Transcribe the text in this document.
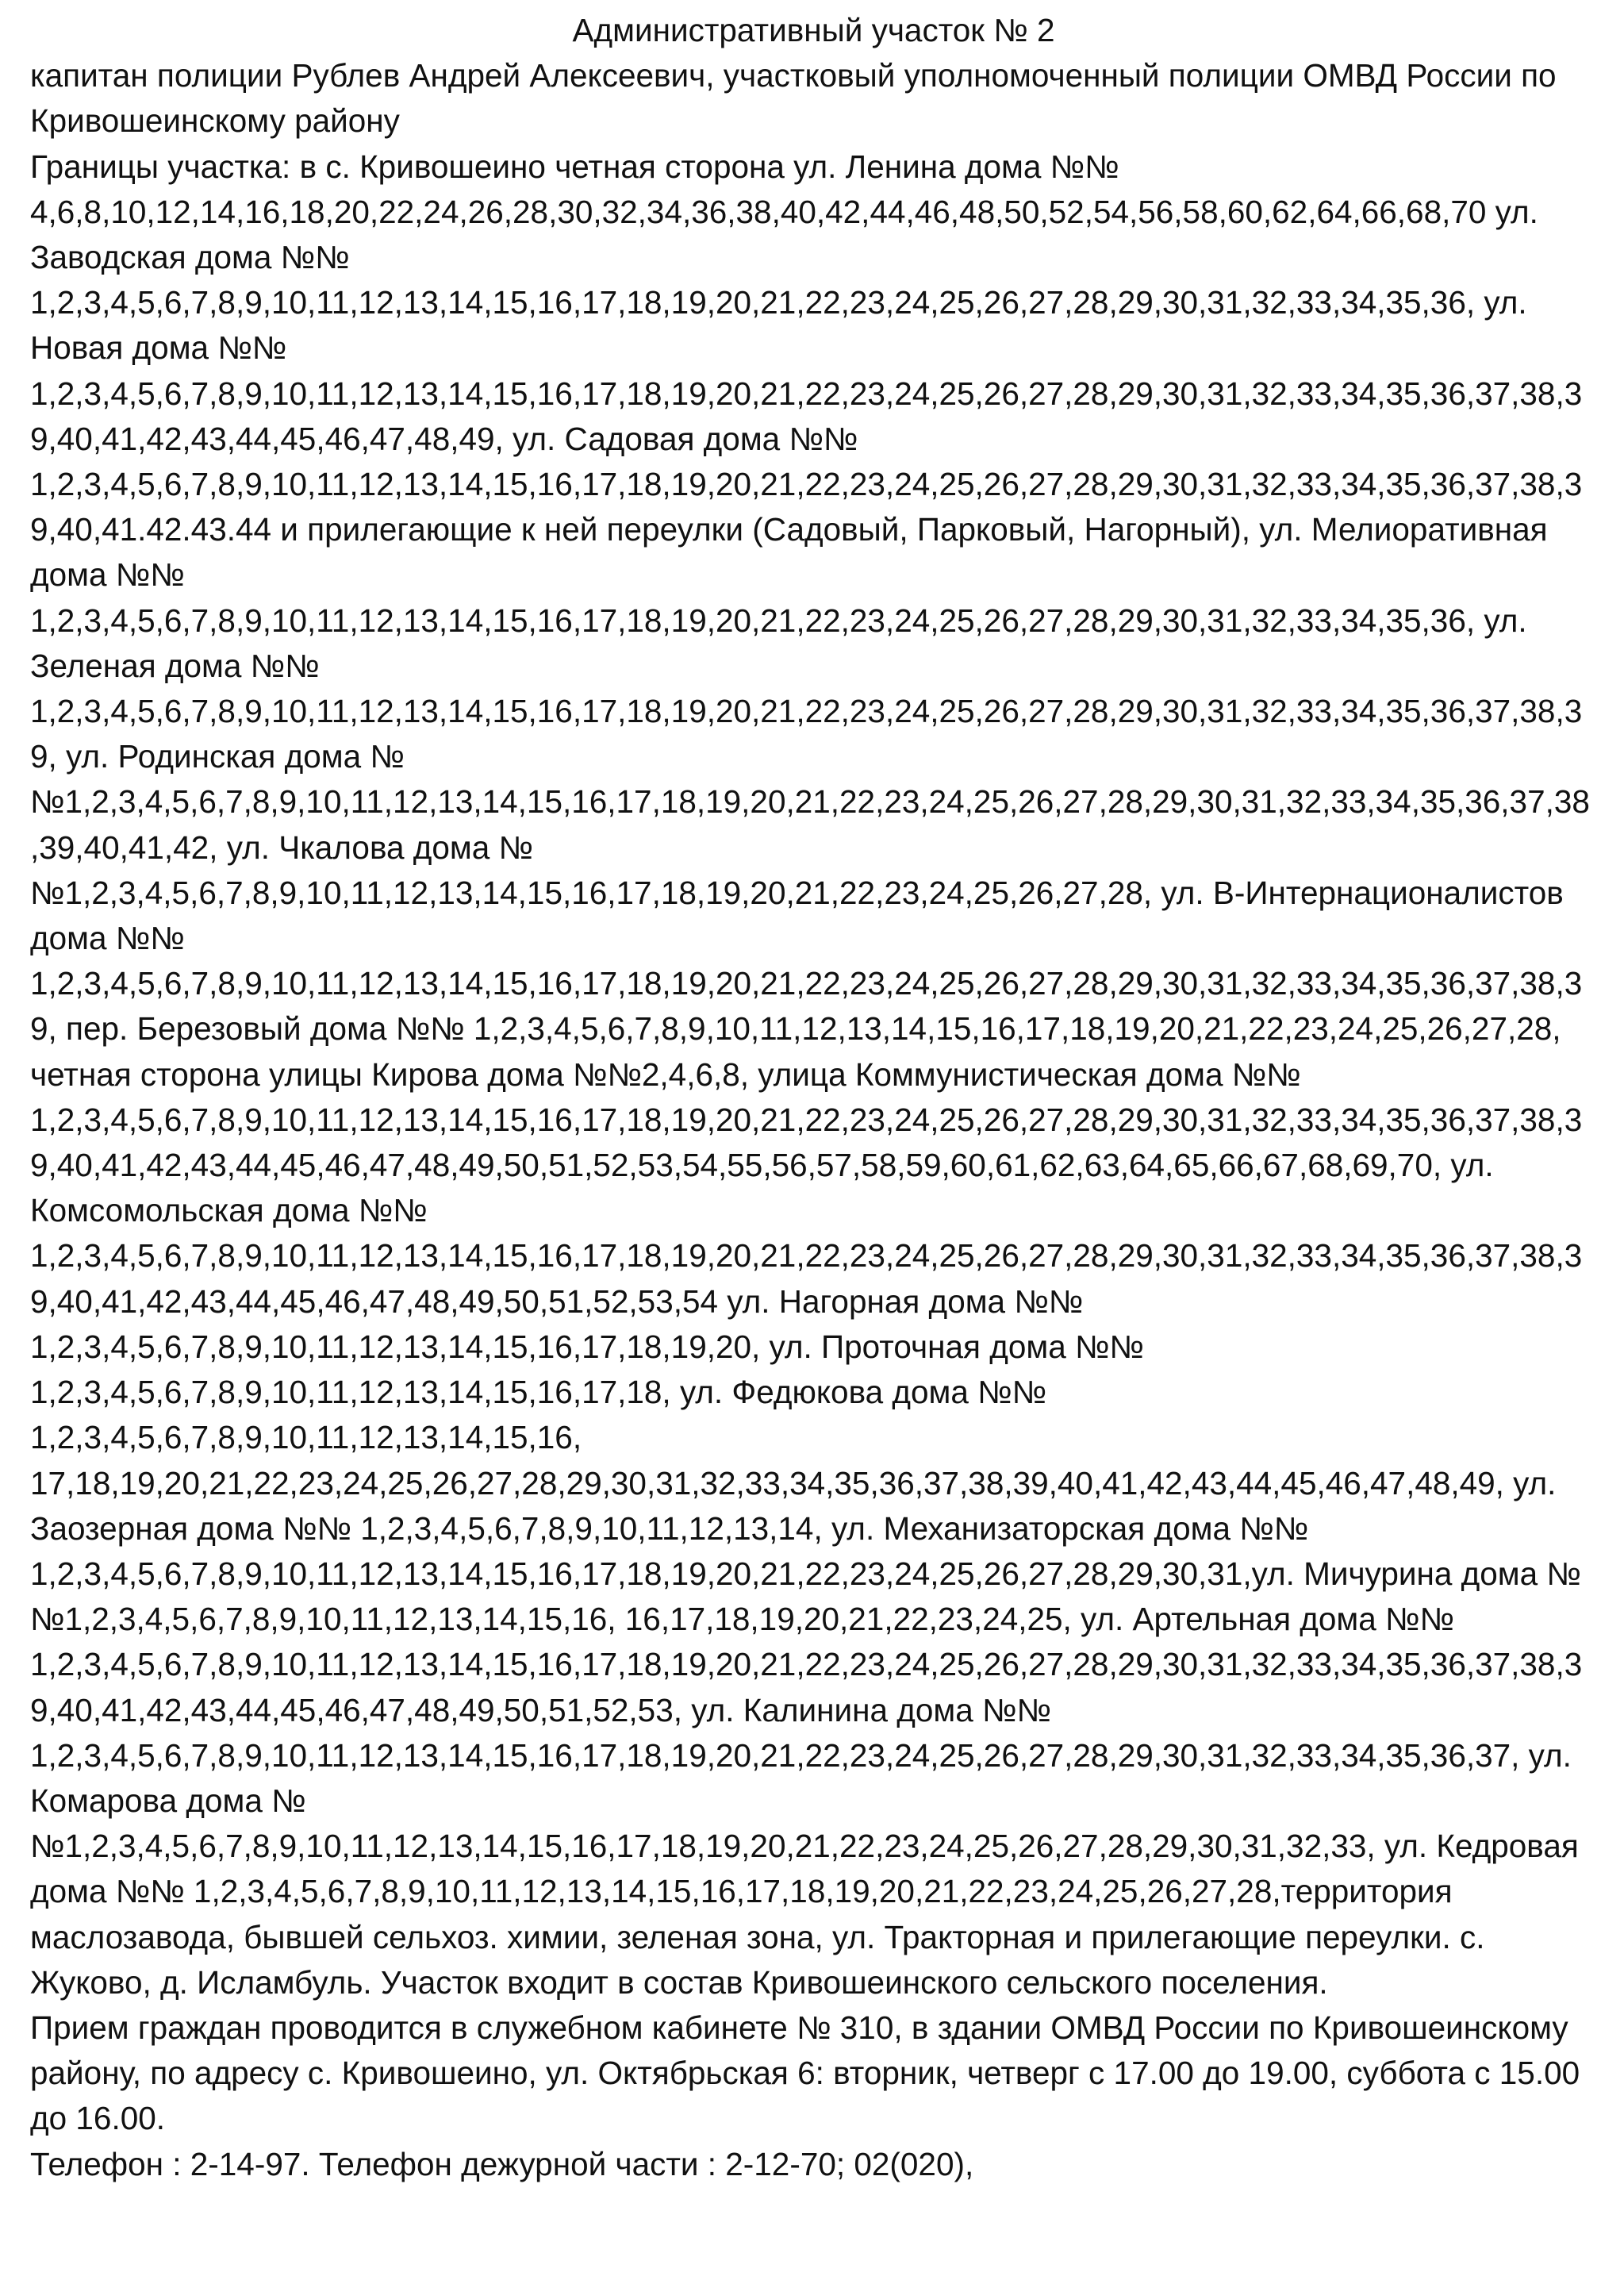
Административный участок № 2

капитан полиции Рублев Андрей Алексеевич, участковый уполномоченный полиции ОМВД России по Кривошеинскому району

Границы участка: в с. Кривошеино четная сторона ул. Ленина дома №№ 4,6,8,10,12,14,16,18,20,22,24,26,28,30,32,34,36,38,40,42,44,46,48,50,52,54,56,58,60,62,64,66,68,70 ул. Заводская дома №№ 1,2,3,4,5,6,7,8,9,10,11,12,13,14,15,16,17,18,19,20,21,22,23,24,25,26,27,28,29,30,31,32,33,34,35,36, ул. Новая дома №№ 1,2,3,4,5,6,7,8,9,10,11,12,13,14,15,16,17,18,19,20,21,22,23,24,25,26,27,28,29,30,31,32,33,34,35,36,37,38,39,40,41,42,43,44,45,46,47,48,49, ул. Садовая дома №№ 1,2,3,4,5,6,7,8,9,10,11,12,13,14,15,16,17,18,19,20,21,22,23,24,25,26,27,28,29,30,31,32,33,34,35,36,37,38,39,40,41.42.43.44 и прилегающие к ней переулки (Садовый, Парковый, Нагорный), ул. Мелиоративная дома №№ 1,2,3,4,5,6,7,8,9,10,11,12,13,14,15,16,17,18,19,20,21,22,23,24,25,26,27,28,29,30,31,32,33,34,35,36, ул. Зеленая дома №№ 1,2,3,4,5,6,7,8,9,10,11,12,13,14,15,16,17,18,19,20,21,22,23,24,25,26,27,28,29,30,31,32,33,34,35,36,37,38,39, ул. Родинская дома №№1,2,3,4,5,6,7,8,9,10,11,12,13,14,15,16,17,18,19,20,21,22,23,24,25,26,27,28,29,30,31,32,33,34,35,36,37,38,39,40,41,42, ул. Чкалова дома №№1,2,3,4,5,6,7,8,9,10,11,12,13,14,15,16,17,18,19,20,21,22,23,24,25,26,27,28, ул. В-Интернационалистов дома №№ 1,2,3,4,5,6,7,8,9,10,11,12,13,14,15,16,17,18,19,20,21,22,23,24,25,26,27,28,29,30,31,32,33,34,35,36,37,38,39, пер. Березовый дома №№ 1,2,3,4,5,6,7,8,9,10,11,12,13,14,15,16,17,18,19,20,21,22,23,24,25,26,27,28, четная сторона улицы Кирова дома №№2,4,6,8, улица Коммунистическая дома №№ 1,2,3,4,5,6,7,8,9,10,11,12,13,14,15,16,17,18,19,20,21,22,23,24,25,26,27,28,29,30,31,32,33,34,35,36,37,38,39,40,41,42,43,44,45,46,47,48,49,50,51,52,53,54,55,56,57,58,59,60,61,62,63,64,65,66,67,68,69,70, ул. Комсомольская дома №№ 1,2,3,4,5,6,7,8,9,10,11,12,13,14,15,16,17,18,19,20,21,22,23,24,25,26,27,28,29,30,31,32,33,34,35,36,37,38,39,40,41,42,43,44,45,46,47,48,49,50,51,52,53,54 ул. Нагорная дома №№ 1,2,3,4,5,6,7,8,9,10,11,12,13,14,15,16,17,18,19,20, ул. Проточная дома №№ 1,2,3,4,5,6,7,8,9,10,11,12,13,14,15,16,17,18, ул. Федюкова дома №№ 1,2,3,4,5,6,7,8,9,10,11,12,13,14,15,16, 17,18,19,20,21,22,23,24,25,26,27,28,29,30,31,32,33,34,35,36,37,38,39,40,41,42,43,44,45,46,47,48,49, ул. Заозерная дома №№ 1,2,3,4,5,6,7,8,9,10,11,12,13,14, ул. Механизаторская дома №№ 1,2,3,4,5,6,7,8,9,10,11,12,13,14,15,16,17,18,19,20,21,22,23,24,25,26,27,28,29,30,31,ул. Мичурина дома №№1,2,3,4,5,6,7,8,9,10,11,12,13,14,15,16, 16,17,18,19,20,21,22,23,24,25, ул. Артельная дома №№ 1,2,3,4,5,6,7,8,9,10,11,12,13,14,15,16,17,18,19,20,21,22,23,24,25,26,27,28,29,30,31,32,33,34,35,36,37,38,39,40,41,42,43,44,45,46,47,48,49,50,51,52,53, ул. Калинина дома №№ 1,2,3,4,5,6,7,8,9,10,11,12,13,14,15,16,17,18,19,20,21,22,23,24,25,26,27,28,29,30,31,32,33,34,35,36,37, ул. Комарова дома №№1,2,3,4,5,6,7,8,9,10,11,12,13,14,15,16,17,18,19,20,21,22,23,24,25,26,27,28,29,30,31,32,33, ул. Кедровая дома №№ 1,2,3,4,5,6,7,8,9,10,11,12,13,14,15,16,17,18,19,20,21,22,23,24,25,26,27,28,территория маслозавода, бывшей сельхоз. химии, зеленая зона, ул. Тракторная и прилегающие переулки. с. Жуково, д. Исламбуль. Участок входит в состав Кривошеинского сельского поселения.

Прием граждан проводится в служебном кабинете № 310, в здании ОМВД России по Кривошеинскому району, по адресу с. Кривошеино, ул. Октябрьская 6: вторник, четверг с 17.00 до 19.00, суббота с 15.00 до 16.00.

Телефон : 2-14-97. Телефон дежурной части : 2-12-70; 02(020),
